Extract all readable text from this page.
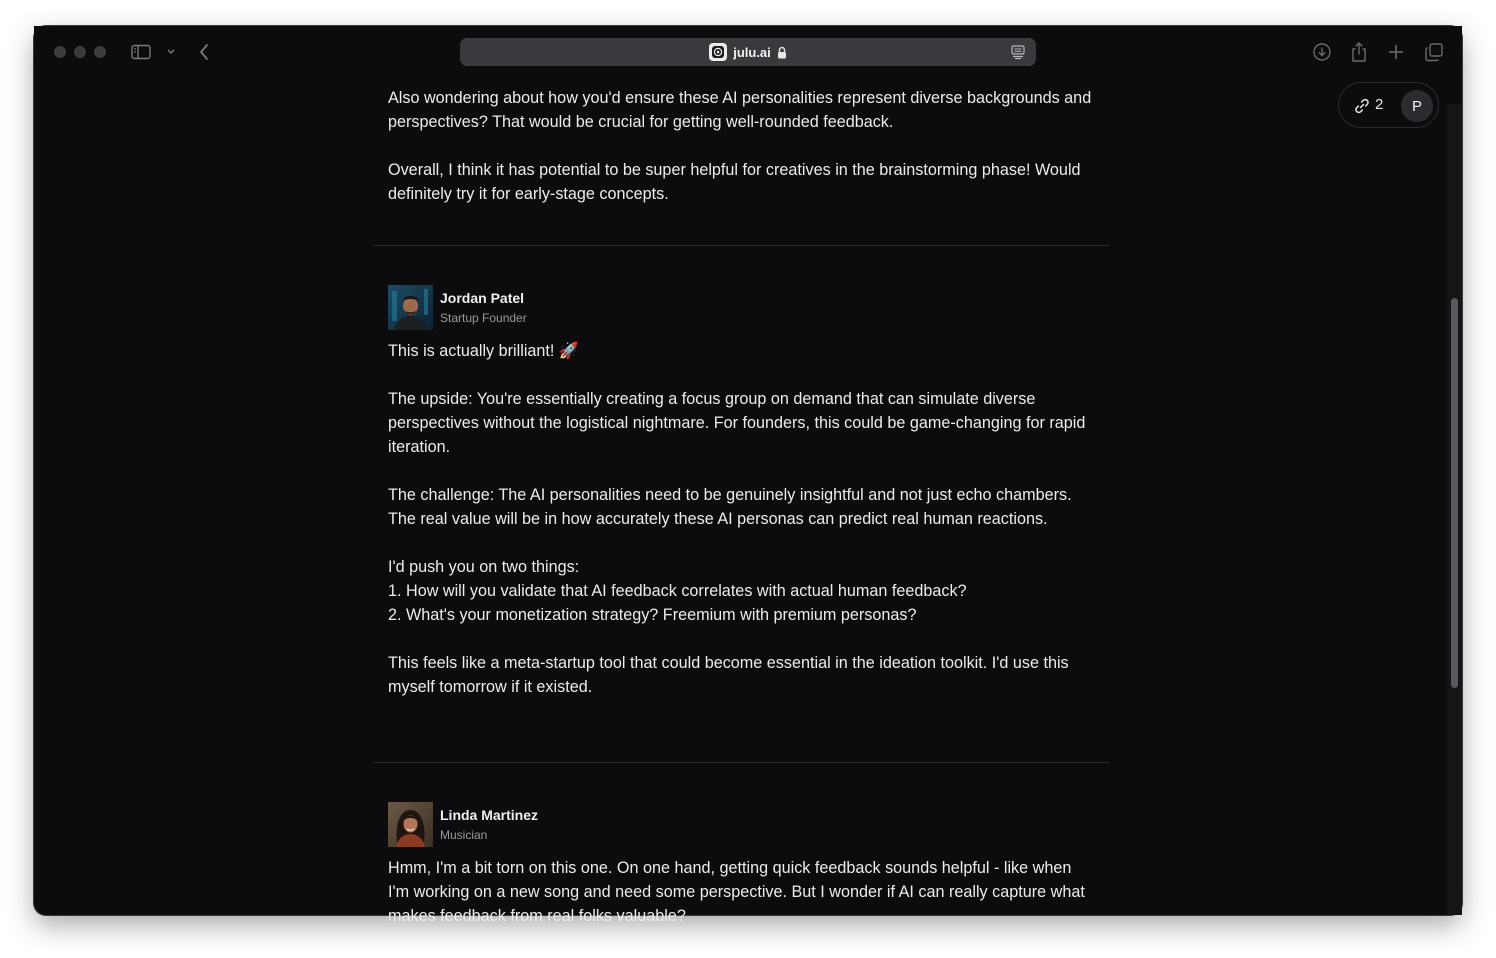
julu.ai

Also wondering about how you'd ensure these AI personalities represent diverse backgrounds and perspectives? That would be crucial for getting well-rounded feedback.

Overall, I think it has potential to be super helpful for creatives in the brainstorming phase! Would definitely try it for early-stage concepts.

Jordan Patel
Startup Founder

This is actually brilliant! 🚀

The upside: You're essentially creating a focus group on demand that can simulate diverse perspectives without the logistical nightmare. For founders, this could be game-changing for rapid iteration.

The challenge: The AI personalities need to be genuinely insightful and not just echo chambers. The real value will be in how accurately these AI personas can predict real human reactions.

I'd push you on two things:
1. How will you validate that AI feedback correlates with actual human feedback?
2. What's your monetization strategy? Freemium with premium personas?

This feels like a meta-startup tool that could become essential in the ideation toolkit. I'd use this myself tomorrow if it existed.

Linda Martinez
Musician

Hmm, I'm a bit torn on this one. On one hand, getting quick feedback sounds helpful - like when I'm working on a new song and need some perspective. But I wonder if AI can really capture what makes feedback from real folks valuable?

2	P
